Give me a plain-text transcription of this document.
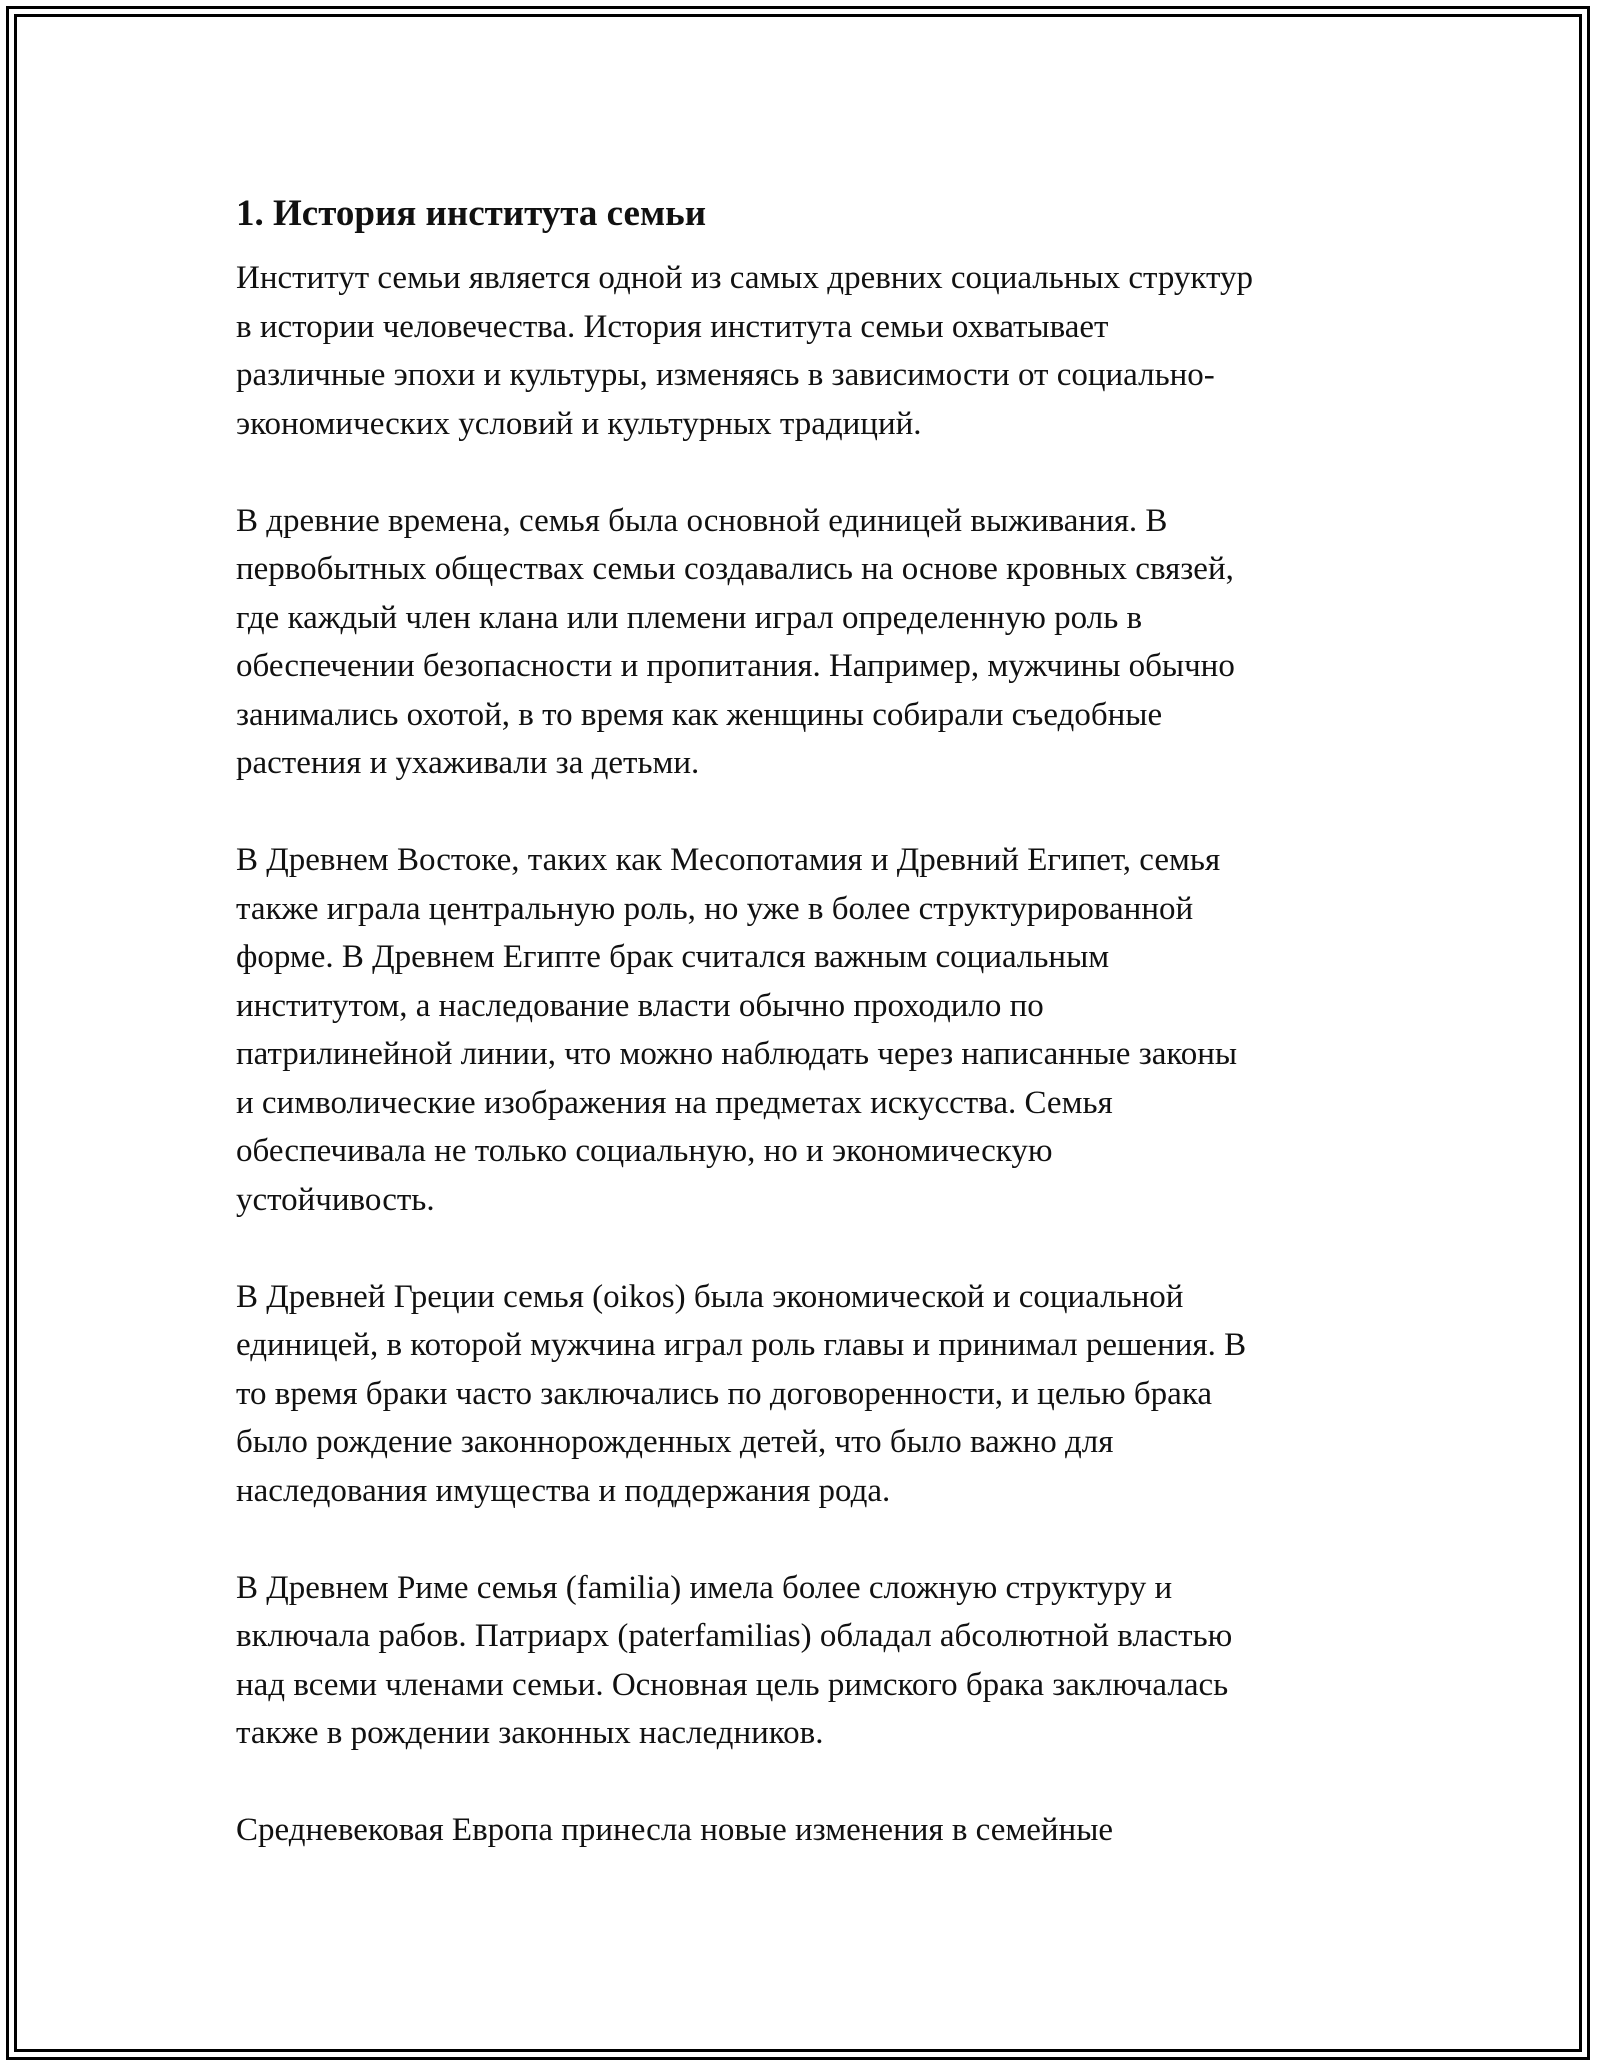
1. История института семьи

Институт семьи является одной из самых древних социальных структур
в истории человечества. История института семьи охватывает
различные эпохи и культуры, изменяясь в зависимости от социально-
экономических условий и культурных традиций.

В древние времена, семья была основной единицей выживания. В
первобытных обществах семьи создавались на основе кровных связей,
где каждый член клана или племени играл определенную роль в
обеспечении безопасности и пропитания. Например, мужчины обычно
занимались охотой, в то время как женщины собирали съедобные
растения и ухаживали за детьми.

В Древнем Востоке, таких как Месопотамия и Древний Египет, семья
также играла центральную роль, но уже в более структурированной
форме. В Древнем Египте брак считался важным социальным
институтом, а наследование власти обычно проходило по
патрилинейной линии, что можно наблюдать через написанные законы
и символические изображения на предметах искусства. Семья
обеспечивала не только социальную, но и экономическую
устойчивость.

В Древней Греции семья (oikos) была экономической и социальной
единицей, в которой мужчина играл роль главы и принимал решения. В
то время браки часто заключались по договоренности, и целью брака
было рождение законнорожденных детей, что было важно для
наследования имущества и поддержания рода.

В Древнем Риме семья (familia) имела более сложную структуру и
включала рабов. Патриарх (paterfamilias) обладал абсолютной властью
над всеми членами семьи. Основная цель римского брака заключалась
также в рождении законных наследников.

Средневековая Европа принесла новые изменения в семейные
